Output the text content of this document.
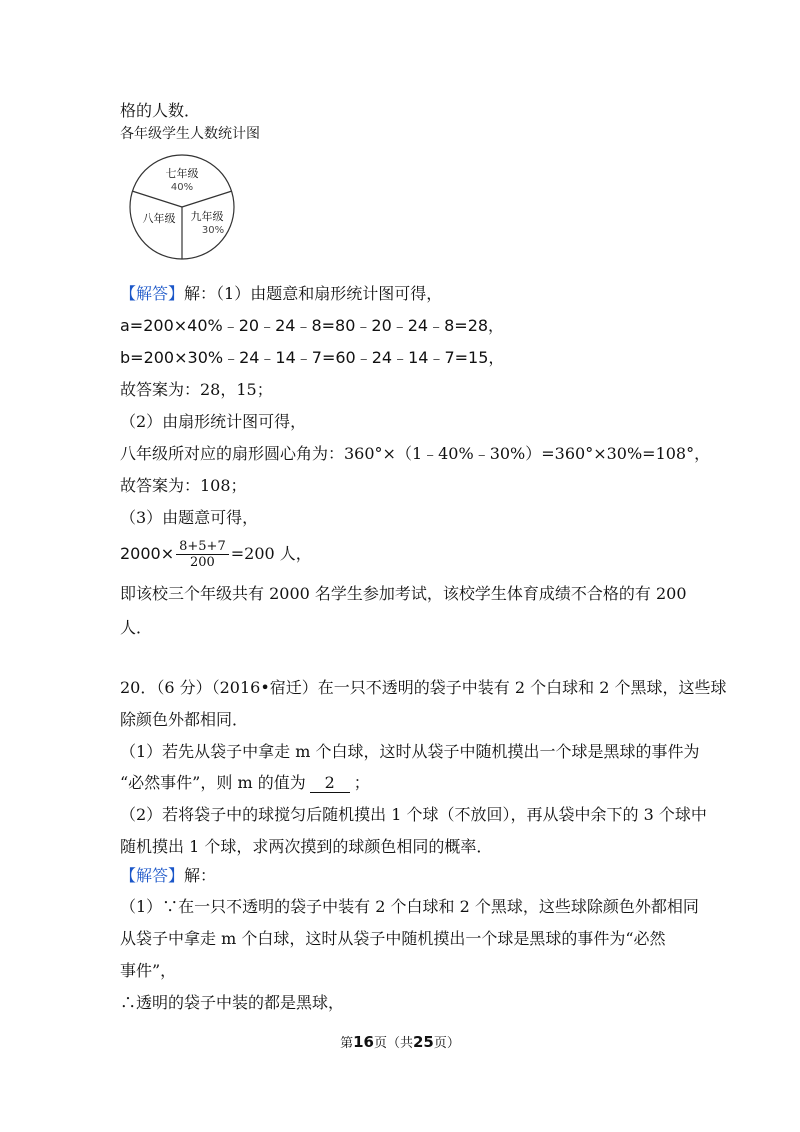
格的人数．
各年级学生人数统计图
七年级
40%
八年级 九年级
30%
【解答】解：（1）由题意和扇形统计图可得，
a=200×40%﹣20﹣24﹣8=80﹣20﹣24﹣8=28，
b=200×30%﹣24﹣14﹣7=60﹣24﹣14﹣7=15，
故答案为：28，15；
（2）由扇形统计图可得，
八年级所对应的扇形圆心角为：360°×（1﹣40%﹣30%）=360°×30%=108°，
故答案为：108；
（3）由题意可得，
$2000\times \frac{8+5+7}{200} =200$ 人，
即该校三个年级共有 2000 名学生参加考试，该校学生体育成绩不合格的有 200
人．
20．（6 分）（2016•宿迁）在一只不透明的袋子中装有 2 个白球和 2 个黑球，这些球
除颜色外都相同．
（1）若先从袋子中拿走 m 个白球，这时从袋子中随机摸出一个球是黑球的事件为
“必然事件”，则 m 的值为 2 ；
（2）若将袋子中的球搅匀后随机摸出 1 个球（不放回），再从袋中余下的 3 个球中
随机摸出 1 个球，求两次摸到的球颜色相同的概率．
【解答】解：
（1）∵在一只不透明的袋子中装有 2 个白球和 2 个黑球，这些球除颜色外都相同
从袋子中拿走 m 个白球，这时从袋子中随机摸出一个球是黑球的事件为“必然
事件”，
∴透明的袋子中装的都是黑球，
第16页（共25页）
